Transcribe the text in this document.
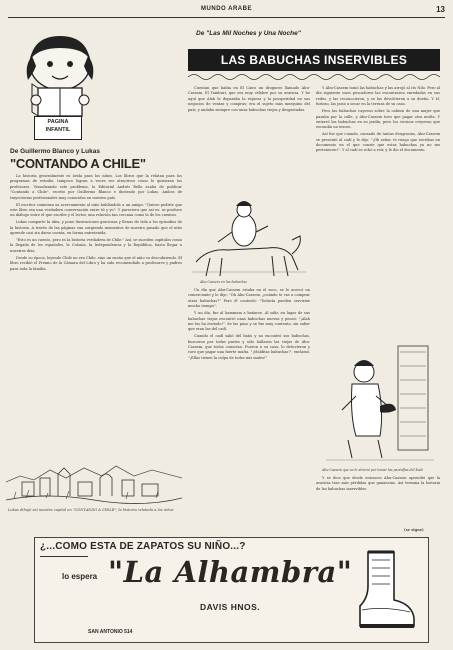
MUNDO ARABE	13
PAGINA
INFANTIL
De Guillermo Blanco y Lukas
"CONTANDO A CHILE"

La historia generalmente es árida para los niños. Los libros que la relatan para los programas de estudio, tampoco logran a veces ser atractivos como lo quisieran los profesores. Visualizando este problema, la Editorial Andrés Bello acaba de publicar "Contando a Chile", escrito por Guillermo Blanco e ilustrado por Lukas. Ambos de trayectorias profesionales muy conocidas en nuestro país.

El escritor comienza su acercamiento al niño hablándole a un amigo: "Quiero pedirte que este libro sea una verdadera conversación entre tú y yo". Y pareciera que así es: se produce un diálogo entre el que escribe y el lector, una relación tan cercana como la de los cuentos.

Lukas comparte la idea, y pone ilustraciones graciosas y llenas de vida a los episodios de la historia. A través de las páginas van surgiendo momentos de nuestro pasado que el niño aprende casi sin darse cuenta, en forma entretenida.

"Esto es un cuento, pero es la historia verdadera de Chile." Así, se suceden capítulos como la llegada de los españoles, la Colonia, la Independencia y la República, hasta llegar a nuestros días.

Desde su época, leyendo Chile no era Chile, sino un sueño que el niño va descubriendo. El libro recibió el Premio de la Cámara del Libro y ha sido recomendado a profesores y padres para toda la familia.

Lukas dibujó así nuestra capital en "CONTANDO A CHILE"; la historia relatada a los niños
De "Las Mil Noches y Una Noche"
LAS BABUCHAS INSERVIBLES

Cuentan que había en El Cairo un droguero llamado Abu-Cassem. El Tamburi, que era muy célebre por su avaricia. Y he aquí que Alah le deparaba la riqueza y la prosperidad en sus negocios de ventas y compras; era el sujeto más mezquino del país, y andaba siempre con unas babuchas viejas y desgastadas.

Abu-Cassem en las babuchas

Un día que Abu-Cassem estaba en el zoco, se le acercó un comerciante y le dijo: "Oh Abu-Cassem, ¿cuándo te vas a comprar otras babuchas?" Pero él contestó: "Todavía pueden servirme mucho tiempo".

Y un día, fue al hammam a bañarse. Al salir, en lugar de sus babuchas viejas encontró unas babuchas nuevas y pensó: "¡Alah me las ha enviado!". Se las puso y se fue muy contento, sin saber que eran las del cadí.

Cuando el cadí salió del baño y no encontró sus babuchas, buscaron por todas partes y sólo hallaron las viejas de Abu-Cassem, que todos conocían. Fueron a su casa, lo detuvieron y tuvo que pagar una fuerte multa. "¡Malditas babuchas!", exclamó. "¡Ellas tienen la culpa de todos mis males!"

Y Abu-Cassem tomó las babuchas y las arrojó al río Nilo. Pero al día siguiente unos pescadores las encontraron enredadas en sus redes, y las reconocieron, y se las devolvieron a su dueño. Y él, furioso, las puso a secar en la terraza de su casa.

Pero las babuchas cayeron sobre la cabeza de una mujer que pasaba por la calle, y Abu-Cassem tuvo que pagar otra multa. Y enterró las babuchas en su jardín, pero los vecinos creyeron que escondía un tesoro.

Así fue que cuando, cansado de tantas desgracias, Abu-Cassem se presentó al cadí y le dijo: "¡Oh señor, te ruego que escribas un documento en el que conste que estas babuchas ya no me pertenecen!". Y el cadí se echó a reír, y le dio el documento.

Abu-Cassem que se le atrevió por tomar las pantuflas del Kadi

Y se dice que desde entonces Abu-Cassem aprendió que la avaricia trae más pérdidas que ganancias. Así termina la historia de las babuchas inservibles.

(se sigue)
¿...COMO ESTA DE ZAPATOS SU NIÑO...?
lo espera "La Alhambra"
DAVIS HNOS.
SAN ANTONIO 514
